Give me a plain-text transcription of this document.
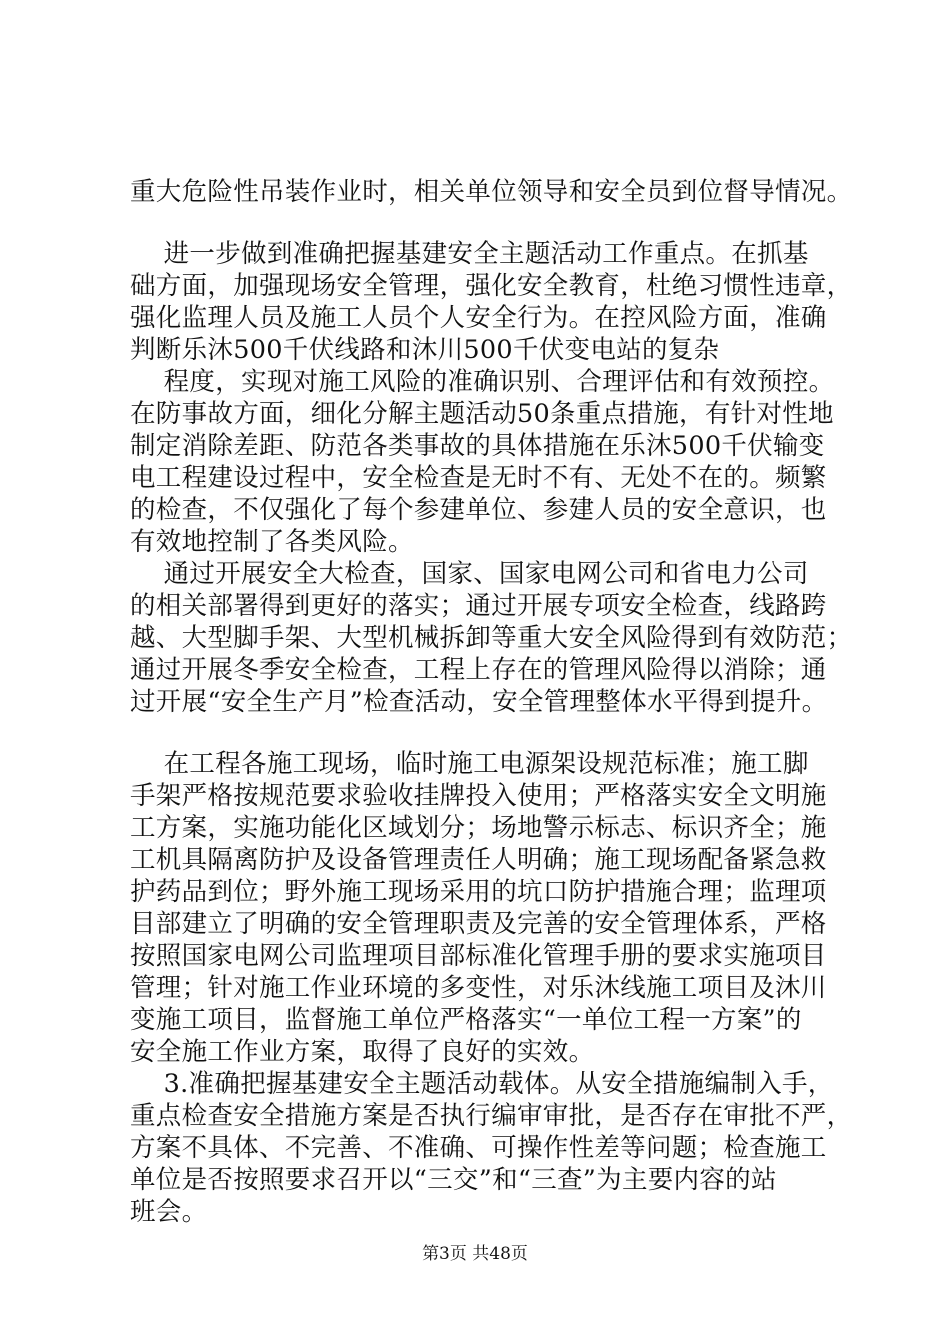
重大危险性吊装作业时，相关单位领导和安全员到位督导情况。
进一步做到准确把握基建安全主题活动工作重点。在抓基
础方面，加强现场安全管理，强化安全教育，杜绝习惯性违章，
强化监理人员及施工人员个人安全行为。在控风险方面，准确
判断乐沐500千伏线路和沐川500千伏变电站的复杂
程度，实现对施工风险的准确识别、合理评估和有效预控。
在防事故方面，细化分解主题活动50条重点措施，有针对性地
制定消除差距、防范各类事故的具体措施在乐沐500千伏输变
电工程建设过程中，安全检查是无时不有、无处不在的。频繁
的检查，不仅强化了每个参建单位、参建人员的安全意识，也
有效地控制了各类风险。
通过开展安全大检查，国家、国家电网公司和省电力公司
的相关部署得到更好的落实；通过开展专项安全检查，线路跨
越、大型脚手架、大型机械拆卸等重大安全风险得到有效防范；
通过开展冬季安全检查，工程上存在的管理风险得以消除；通
过开展“安全生产月”检查活动，安全管理整体水平得到提升。
在工程各施工现场，临时施工电源架设规范标准；施工脚
手架严格按规范要求验收挂牌投入使用；严格落实安全文明施
工方案，实施功能化区域划分；场地警示标志、标识齐全；施
工机具隔离防护及设备管理责任人明确；施工现场配备紧急救
护药品到位；野外施工现场采用的坑口防护措施合理；监理项
目部建立了明确的安全管理职责及完善的安全管理体系，严格
按照国家电网公司监理项目部标准化管理手册的要求实施项目
管理；针对施工作业环境的多变性，对乐沐线施工项目及沐川
变施工项目，监督施工单位严格落实“一单位工程一方案”的
安全施工作业方案，取得了良好的实效。
3.准确把握基建安全主题活动载体。从安全措施编制入手，
重点检查安全措施方案是否执行编审审批，是否存在审批不严，
方案不具体、不完善、不准确、可操作性差等问题；检查施工
单位是否按照要求召开以“三交”和“三查”为主要内容的站
班会。
第3页 共48页
